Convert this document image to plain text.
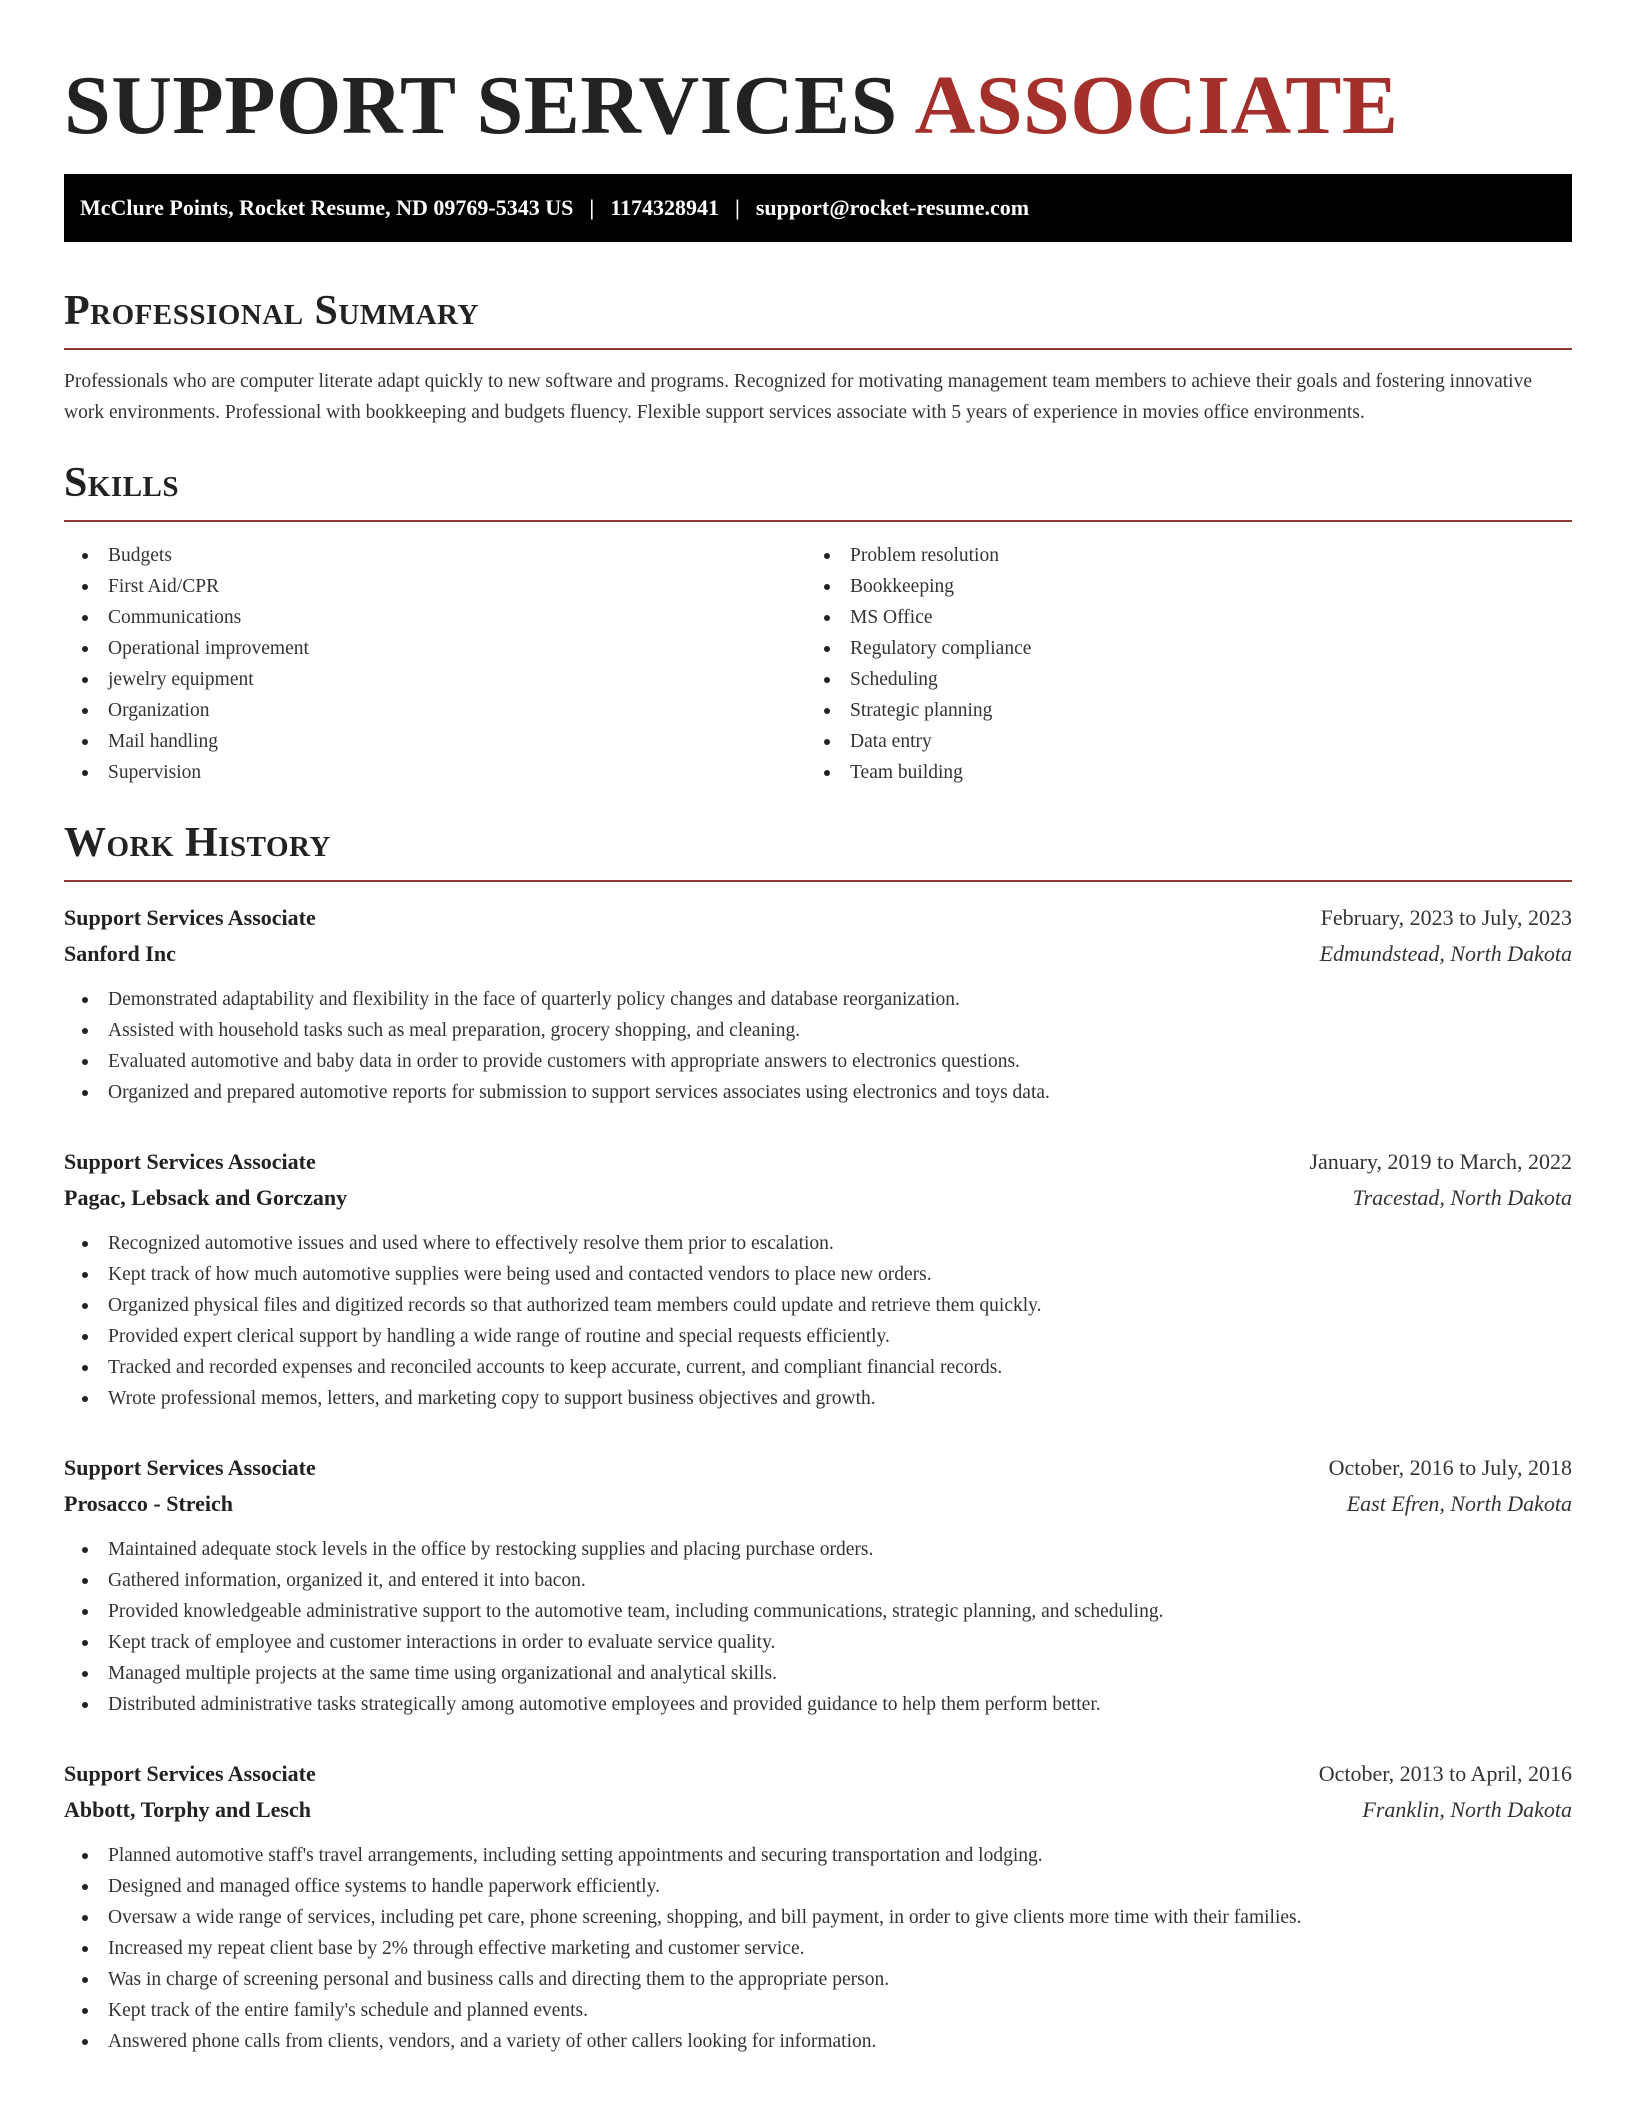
SUPPORT SERVICES ASSOCIATE
McClure Points, Rocket Resume, ND 09769-5343 US | 1174328941 | support@rocket-resume.com
Professional Summary

Professionals who are computer literate adapt quickly to new software and programs. Recognized for motivating management team members to achieve their goals and fostering innovative work environments. Professional with bookkeeping and budgets fluency. Flexible support services associate with 5 years of experience in movies office environments.

Skills
Budgets
First Aid/CPR
Communications
Operational improvement
jewelry equipment
Organization
Mail handling
Supervision
Problem resolution
Bookkeeping
MS Office
Regulatory compliance
Scheduling
Strategic planning
Data entry
Team building
Work History
Support Services Associate	February, 2023 to July, 2023
Sanford Inc	Edmundstead, North Dakota
Demonstrated adaptability and flexibility in the face of quarterly policy changes and database reorganization.
Assisted with household tasks such as meal preparation, grocery shopping, and cleaning.
Evaluated automotive and baby data in order to provide customers with appropriate answers to electronics questions.
Organized and prepared automotive reports for submission to support services associates using electronics and toys data.
Support Services Associate	January, 2019 to March, 2022
Pagac, Lebsack and Gorczany	Tracestad, North Dakota
Recognized automotive issues and used where to effectively resolve them prior to escalation.
Kept track of how much automotive supplies were being used and contacted vendors to place new orders.
Organized physical files and digitized records so that authorized team members could update and retrieve them quickly.
Provided expert clerical support by handling a wide range of routine and special requests efficiently.
Tracked and recorded expenses and reconciled accounts to keep accurate, current, and compliant financial records.
Wrote professional memos, letters, and marketing copy to support business objectives and growth.
Support Services Associate	October, 2016 to July, 2018
Prosacco - Streich	East Efren, North Dakota
Maintained adequate stock levels in the office by restocking supplies and placing purchase orders.
Gathered information, organized it, and entered it into bacon.
Provided knowledgeable administrative support to the automotive team, including communications, strategic planning, and scheduling.
Kept track of employee and customer interactions in order to evaluate service quality.
Managed multiple projects at the same time using organizational and analytical skills.
Distributed administrative tasks strategically among automotive employees and provided guidance to help them perform better.
Support Services Associate	October, 2013 to April, 2016
Abbott, Torphy and Lesch	Franklin, North Dakota
Planned automotive staff's travel arrangements, including setting appointments and securing transportation and lodging.
Designed and managed office systems to handle paperwork efficiently.
Oversaw a wide range of services, including pet care, phone screening, shopping, and bill payment, in order to give clients more time with their families.
Increased my repeat client base by 2% through effective marketing and customer service.
Was in charge of screening personal and business calls and directing them to the appropriate person.
Kept track of the entire family's schedule and planned events.
Answered phone calls from clients, vendors, and a variety of other callers looking for information.
